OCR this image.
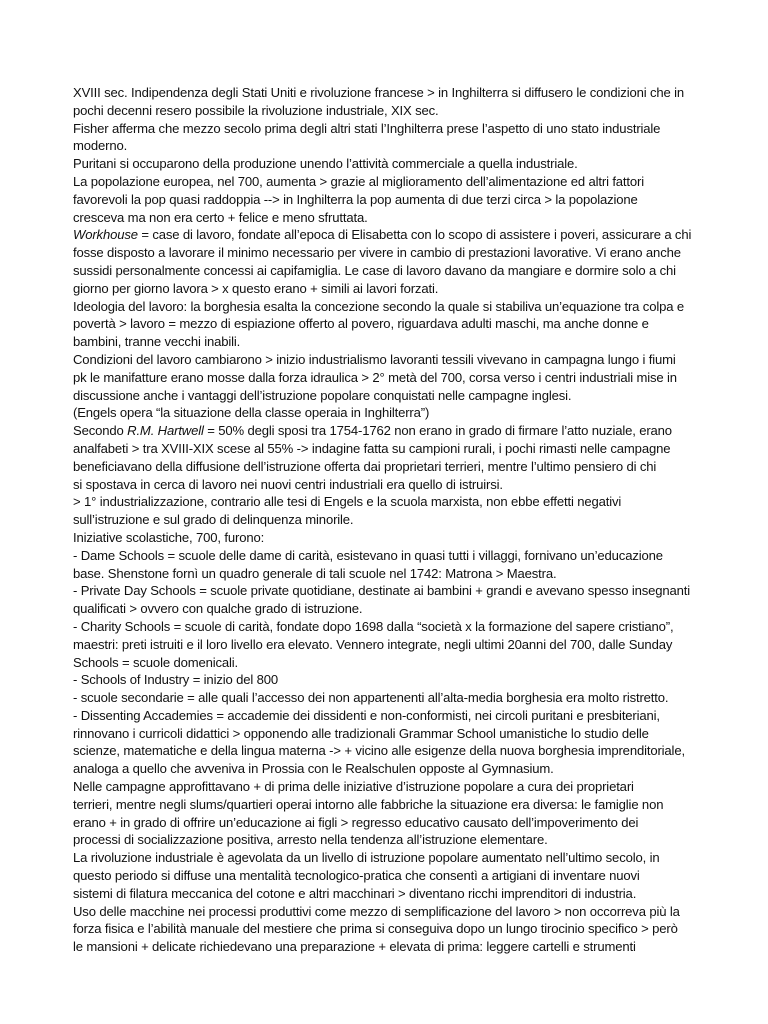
XVIII sec. Indipendenza degli Stati Uniti e rivoluzione francese > in Inghilterra si diffusero le condizioni che in
pochi decenni resero possibile la rivoluzione industriale, XIX sec.
Fisher afferma che mezzo secolo prima degli altri stati l’Inghilterra prese l’aspetto di uno stato industriale
moderno.
Puritani si occuparono della produzione unendo l’attività commerciale a quella industriale.
La popolazione europea, nel 700, aumenta > grazie al miglioramento dell’alimentazione ed altri fattori
favorevoli la pop quasi raddoppia --> in Inghilterra la pop aumenta di due terzi circa > la popolazione
cresceva ma non era certo + felice e meno sfruttata.
Workhouse = case di lavoro, fondate all’epoca di Elisabetta con lo scopo di assistere i poveri, assicurare a chi
fosse disposto a lavorare il minimo necessario per vivere in cambio di prestazioni lavorative. Vi erano anche
sussidi personalmente concessi ai capifamiglia. Le case di lavoro davano da mangiare e dormire solo a chi
giorno per giorno lavora > x questo erano + simili ai lavori forzati.
Ideologia del lavoro: la borghesia esalta la concezione secondo la quale si stabiliva un’equazione tra colpa e
povertà > lavoro = mezzo di espiazione offerto al povero, riguardava adulti maschi, ma anche donne e
bambini, tranne vecchi inabili.
Condizioni del lavoro cambiarono > inizio industrialismo lavoranti tessili vivevano in campagna lungo i fiumi
pk le manifatture erano mosse dalla forza idraulica > 2° metà del 700, corsa verso i centri industriali mise in
discussione anche i vantaggi dell’istruzione popolare conquistati nelle campagne inglesi.
(Engels opera “la situazione della classe operaia in Inghilterra”)
Secondo R.M. Hartwell = 50% degli sposi tra 1754-1762 non erano in grado di firmare l’atto nuziale, erano
analfabeti > tra XVIII-XIX scese al 55% -> indagine fatta su campioni rurali, i pochi rimasti nelle campagne
beneficiavano della diffusione dell’istruzione offerta dai proprietari terrieri, mentre l’ultimo pensiero di chi
si spostava in cerca di lavoro nei nuovi centri industriali era quello di istruirsi.
> 1° industrializzazione, contrario alle tesi di Engels e la scuola marxista, non ebbe effetti negativi
sull’istruzione e sul grado di delinquenza minorile.
Iniziative scolastiche, 700, furono:
- Dame Schools = scuole delle dame di carità, esistevano in quasi tutti i villaggi, fornivano un’educazione
base. Shenstone fornì un quadro generale di tali scuole nel 1742: Matrona > Maestra.
- Private Day Schools = scuole private quotidiane, destinate ai bambini + grandi e avevano spesso insegnanti
qualificati > ovvero con qualche grado di istruzione.
- Charity Schools = scuole di carità, fondate dopo 1698 dalla “società x la formazione del sapere cristiano”,
maestri: preti istruiti e il loro livello era elevato. Vennero integrate, negli ultimi 20anni del 700, dalle Sunday
Schools = scuole domenicali.
- Schools of Industry = inizio del 800
- scuole secondarie = alle quali l’accesso dei non appartenenti all’alta-media borghesia era molto ristretto.
- Dissenting Accademies = accademie dei dissidenti e non-conformisti, nei circoli puritani e presbiteriani,
rinnovano i curricoli didattici > opponendo alle tradizionali Grammar School umanistiche lo studio delle
scienze, matematiche e della lingua materna -> + vicino alle esigenze della nuova borghesia imprenditoriale,
analoga a quello che avveniva in Prossia con le Realschulen opposte al Gymnasium.
Nelle campagne approfittavano + di prima delle iniziative d’istruzione popolare a cura dei proprietari
terrieri, mentre negli slums/quartieri operai intorno alle fabbriche la situazione era diversa: le famiglie non
erano + in grado di offrire un’educazione ai figli > regresso educativo causato dell’impoverimento dei
processi di socializzazione positiva, arresto nella tendenza all’istruzione elementare.
La rivoluzione industriale è agevolata da un livello di istruzione popolare aumentato nell’ultimo secolo, in
questo periodo si diffuse una mentalità tecnologico-pratica che consentì a artigiani di inventare nuovi
sistemi di filatura meccanica del cotone e altri macchinari > diventano ricchi imprenditori di industria.
Uso delle macchine nei processi produttivi come mezzo di semplificazione del lavoro > non occorreva più la
forza fisica e l’abilità manuale del mestiere che prima si conseguiva dopo un lungo tirocinio specifico > però
le mansioni + delicate richiedevano una preparazione + elevata di prima: leggere cartelli e strumenti
